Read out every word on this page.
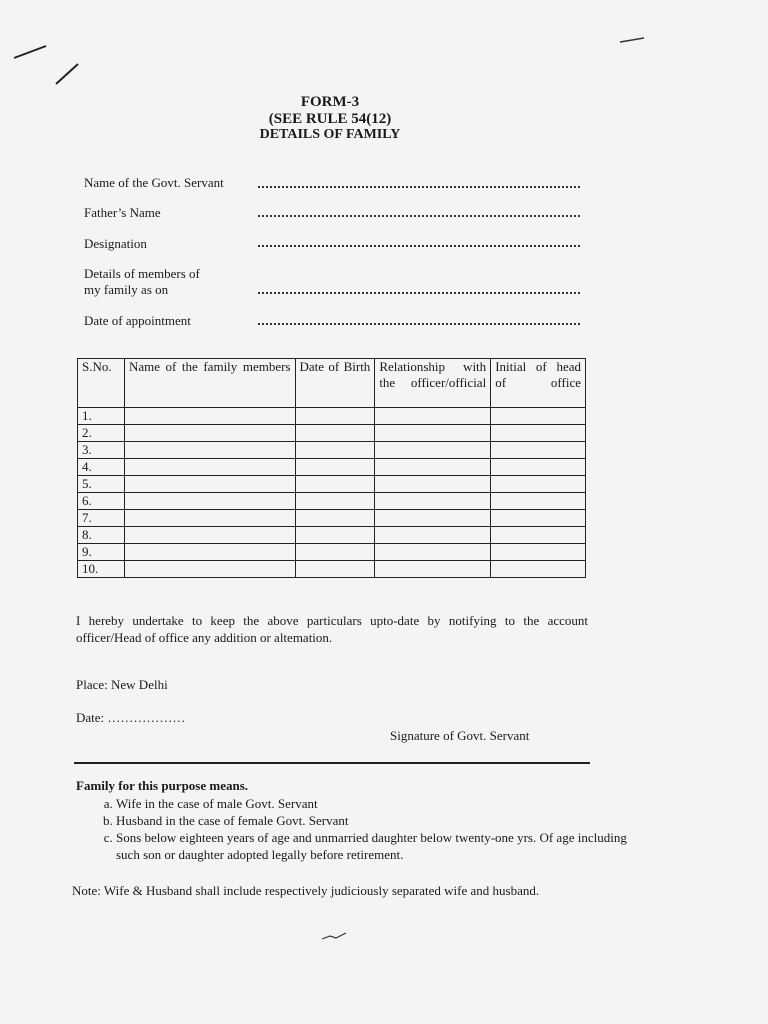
FORM-3
(SEE RULE 54(12)
DETAILS OF FAMILY
Name of the Govt. Servant
Father’s Name
Designation
Details of members of
my family as on
Date of appointment
S.No.	Name of the family members	Date of Birth	Relationship with the officer/official	Initial of head of office
1.				
2.				
3.				
4.				
5.				
6.				
7.				
8.				
9.				
10.				
I hereby undertake to keep the above particulars upto-date by notifying to the account officer/Head of office any addition or altemation.
Place: New Delhi
Date: ………………
Signature of Govt. Servant
Family for this purpose means.
a. Wife in the case of male Govt. Servant
b. Husband in the case of female Govt. Servant
c. Sons below eighteen years of age and unmarried daughter below twenty-one yrs. Of age including such son or daughter adopted legally before retirement.
Note: Wife & Husband shall include respectively judiciously separated wife and husband.
